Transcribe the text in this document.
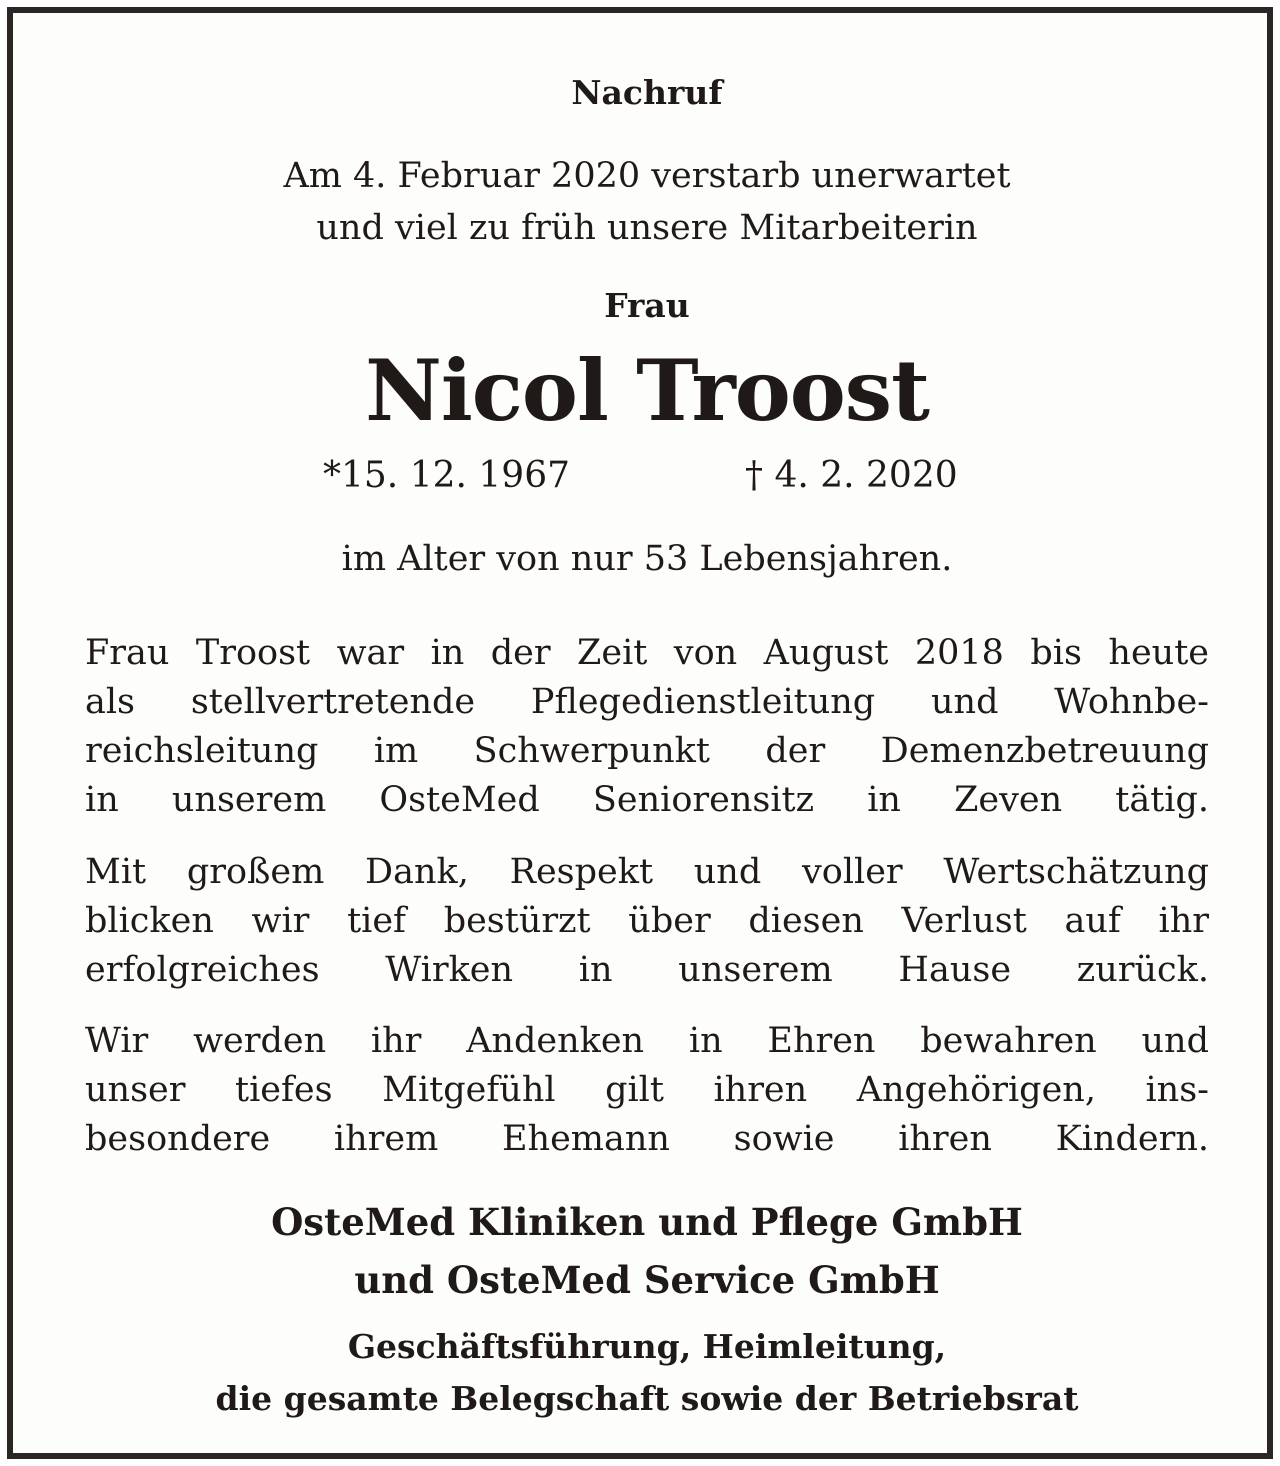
Nachruf
Am 4. Februar 2020 verstarb unerwartet
und viel zu früh unsere Mitarbeiterin
Frau
Nicol Troost
*15. 12. 1967	† 4. 2. 2020
im Alter von nur 53 Lebensjahren.
Frau Troost war in der Zeit von August 2018 bis heute
als stellvertretende Pflegedienstleitung und Wohnbe-
reichsleitung im Schwerpunkt der Demenzbetreuung
in unserem OsteMed Seniorensitz in Zeven tätig.
Mit großem Dank, Respekt und voller Wertschätzung
blicken wir tief bestürzt über diesen Verlust auf ihr
erfolgreiches Wirken in unserem Hause zurück.
Wir werden ihr Andenken in Ehren bewahren und
unser tiefes Mitgefühl gilt ihren Angehörigen, ins-
besondere ihrem Ehemann sowie ihren Kindern.
OsteMed Kliniken und Pflege GmbH
und OsteMed Service GmbH
Geschäftsführung, Heimleitung,
die gesamte Belegschaft sowie der Betriebsrat
